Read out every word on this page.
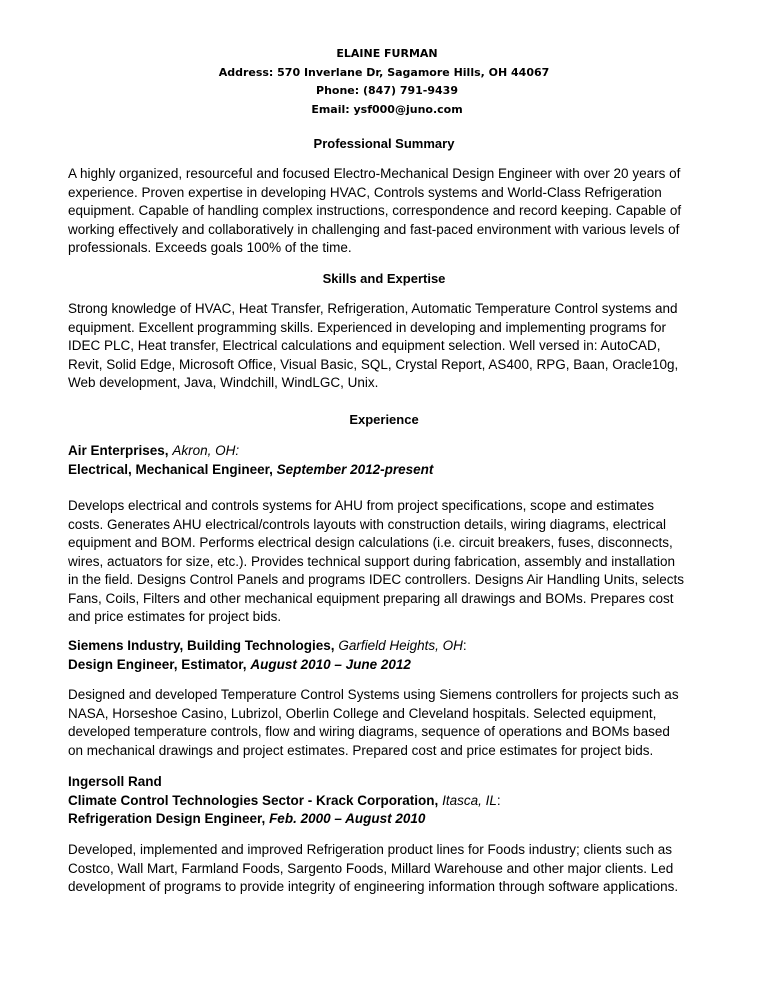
ELAINE FURMAN
Address: 570 Inverlane Dr, Sagamore Hills, OH 44067
Phone: (847) 791-9439
Email: ysf000@juno.com
Professional Summary
A highly organized, resourceful and focused Electro-Mechanical Design Engineer with over 20 years of
experience. Proven expertise in developing HVAC, Controls systems and World-Class Refrigeration
equipment. Capable of handling complex instructions, correspondence and record keeping. Capable of
working effectively and collaboratively in challenging and fast-paced environment with various levels of
professionals. Exceeds goals 100% of the time.
Skills and Expertise
Strong knowledge of HVAC, Heat Transfer, Refrigeration, Automatic Temperature Control systems and
equipment. Excellent programming skills. Experienced in developing and implementing programs for
IDEC PLC, Heat transfer, Electrical calculations and equipment selection. Well versed in: AutoCAD,
Revit, Solid Edge, Microsoft Office, Visual Basic, SQL, Crystal Report, AS400, RPG, Baan, Oracle10g,
Web development, Java, Windchill, WindLGC, Unix.
Experience
Air Enterprises, Akron, OH:
Electrical, Mechanical Engineer, September 2012-present
Develops electrical and controls systems for AHU from project specifications, scope and estimates
costs. Generates AHU electrical/controls layouts with construction details, wiring diagrams, electrical
equipment and BOM. Performs electrical design calculations (i.e. circuit breakers, fuses, disconnects,
wires, actuators for size, etc.). Provides technical support during fabrication, assembly and installation
in the field. Designs Control Panels and programs IDEC controllers. Designs Air Handling Units, selects
Fans, Coils, Filters and other mechanical equipment preparing all drawings and BOMs. Prepares cost
and price estimates for project bids.
Siemens Industry, Building Technologies, Garfield Heights, OH:
Design Engineer, Estimator, August 2010 – June 2012
Designed and developed Temperature Control Systems using Siemens controllers for projects such as
NASA, Horseshoe Casino, Lubrizol, Oberlin College and Cleveland hospitals. Selected equipment,
developed temperature controls, flow and wiring diagrams, sequence of operations and BOMs based
on mechanical drawings and project estimates. Prepared cost and price estimates for project bids.
Ingersoll Rand
Climate Control Technologies Sector - Krack Corporation, Itasca, IL:
Refrigeration Design Engineer, Feb. 2000 – August 2010
Developed, implemented and improved Refrigeration product lines for Foods industry; clients such as
Costco, Wall Mart, Farmland Foods, Sargento Foods, Millard Warehouse and other major clients. Led
development of programs to provide integrity of engineering information through software applications.
